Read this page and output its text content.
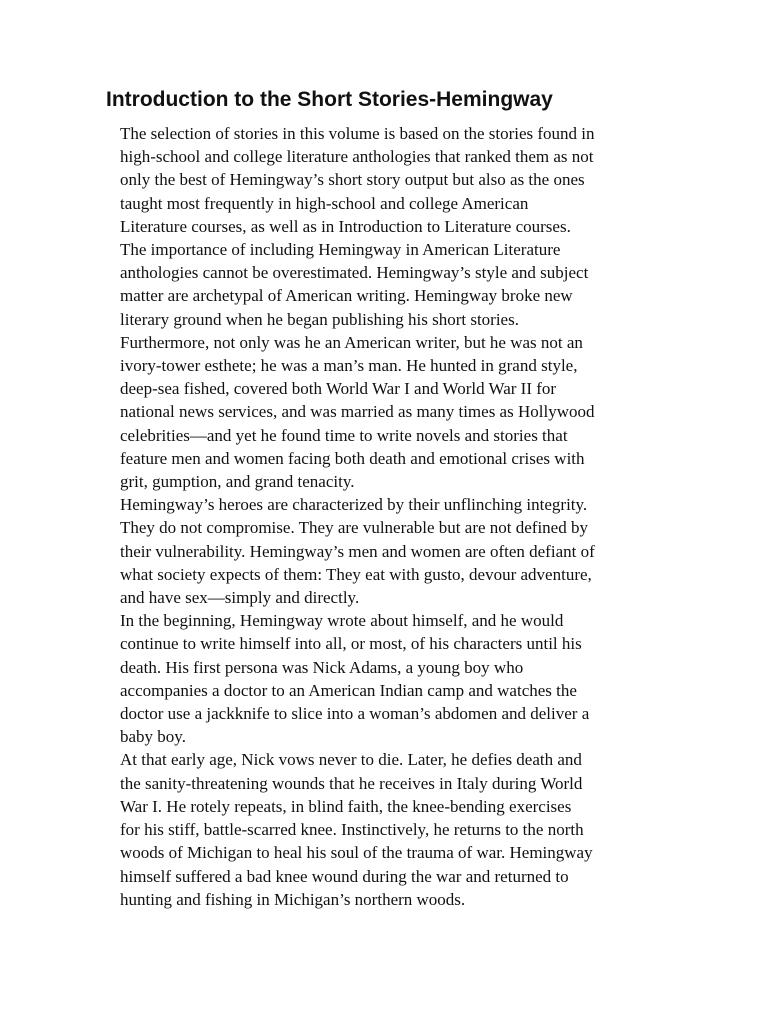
Introduction to the Short Stories-Hemingway
The selection of stories in this volume is based on the stories found in
high-school and college literature anthologies that ranked them as not
only the best of Hemingway’s short story output but also as the ones
taught most frequently in high-school and college American
Literature courses, as well as in Introduction to Literature courses.
The importance of including Hemingway in American Literature
anthologies cannot be overestimated. Hemingway’s style and subject
matter are archetypal of American writing. Hemingway broke new
literary ground when he began publishing his short stories.
Furthermore, not only was he an American writer, but he was not an
ivory-tower esthete; he was a man’s man. He hunted in grand style,
deep-sea fished, covered both World War I and World War II for
national news services, and was married as many times as Hollywood
celebrities—and yet he found time to write novels and stories that
feature men and women facing both death and emotional crises with
grit, gumption, and grand tenacity.
Hemingway’s heroes are characterized by their unflinching integrity.
They do not compromise. They are vulnerable but are not defined by
their vulnerability. Hemingway’s men and women are often defiant of
what society expects of them: They eat with gusto, devour adventure,
and have sex—simply and directly.
In the beginning, Hemingway wrote about himself, and he would
continue to write himself into all, or most, of his characters until his
death. His first persona was Nick Adams, a young boy who
accompanies a doctor to an American Indian camp and watches the
doctor use a jackknife to slice into a woman’s abdomen and deliver a
baby boy.
At that early age, Nick vows never to die. Later, he defies death and
the sanity-threatening wounds that he receives in Italy during World
War I. He rotely repeats, in blind faith, the knee-bending exercises
for his stiff, battle-scarred knee. Instinctively, he returns to the north
woods of Michigan to heal his soul of the trauma of war. Hemingway
himself suffered a bad knee wound during the war and returned to
hunting and fishing in Michigan’s northern woods.
